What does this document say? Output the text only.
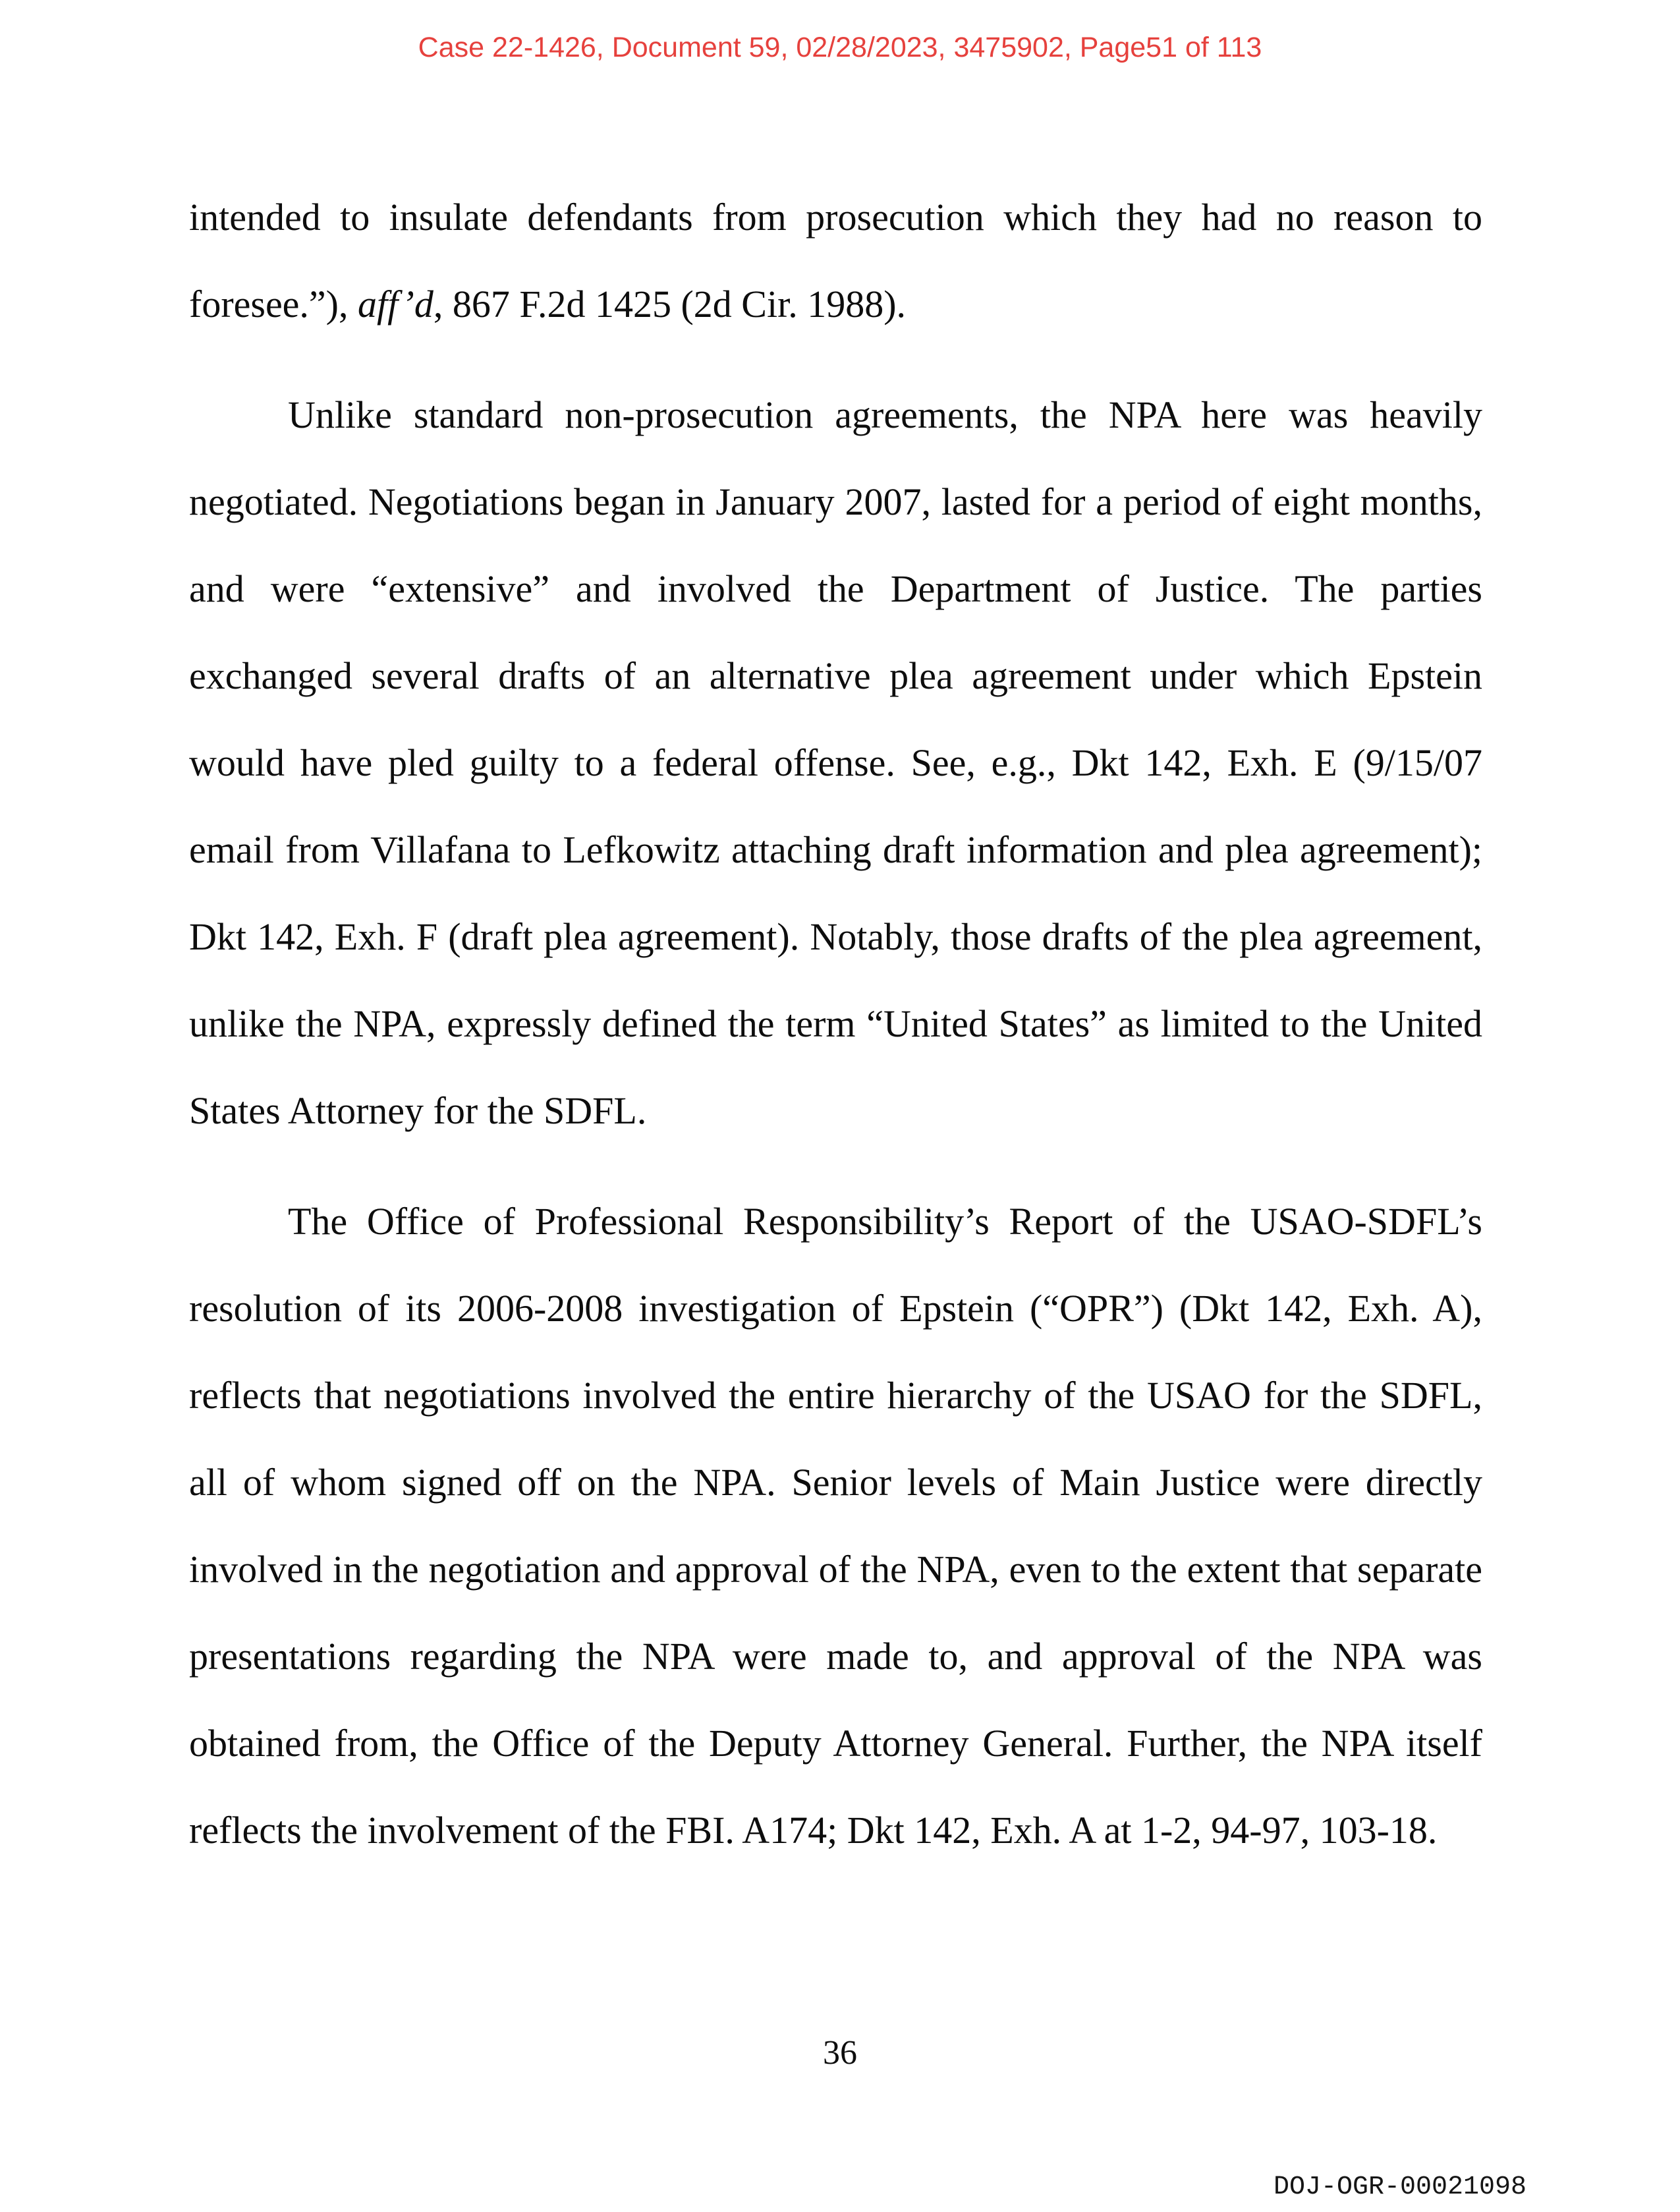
Case 22-1426, Document 59, 02/28/2023, 3475902, Page51 of 113

intended to insulate defendants from prosecution which they had no reason to foresee.”), aff’d, 867 F.2d 1425 (2d Cir. 1988).

Unlike standard non-prosecution agreements, the NPA here was heavily negotiated. Negotiations began in January 2007, lasted for a period of eight months, and were “extensive” and involved the Department of Justice. The parties exchanged several drafts of an alternative plea agreement under which Epstein would have pled guilty to a federal offense. See, e.g., Dkt 142, Exh. E (9/15/07 email from Villafana to Lefkowitz attaching draft information and plea agreement); Dkt 142, Exh. F (draft plea agreement). Notably, those drafts of the plea agreement, unlike the NPA, expressly defined the term “United States” as limited to the United States Attorney for the SDFL.

The Office of Professional Responsibility’s Report of the USAO-SDFL’s resolution of its 2006-2008 investigation of Epstein (“OPR”) (Dkt 142, Exh. A), reflects that negotiations involved the entire hierarchy of the USAO for the SDFL, all of whom signed off on the NPA. Senior levels of Main Justice were directly involved in the negotiation and approval of the NPA, even to the extent that separate presentations regarding the NPA were made to, and approval of the NPA was obtained from, the Office of the Deputy Attorney General. Further, the NPA itself reflects the involvement of the FBI. A174; Dkt 142, Exh. A at 1-2, 94-97, 103-18.

36
DOJ-OGR-00021098
